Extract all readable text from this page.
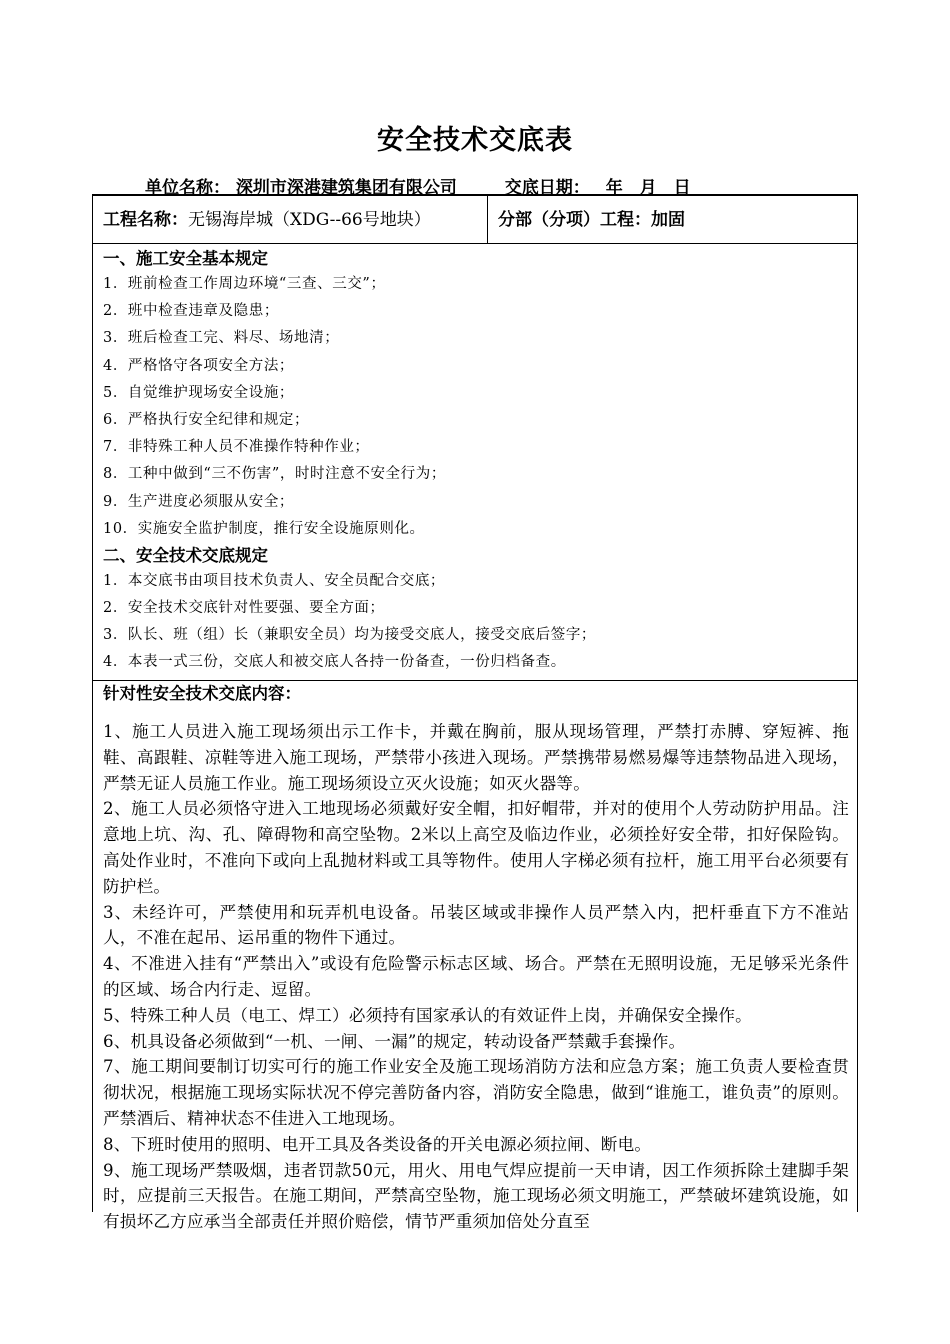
安全技术交底表
单位名称： 深圳市深港建筑集团有限公司	交底日期： 年　月　日
工程名称：无锡海岸城（XDG--66号地块）	分部（分项）工程：加固
一、施工安全基本规定
1．班前检查工作周边环境“三查、三交”；
2．班中检查违章及隐患；
3．班后检查工完、料尽、场地清；
4．严格恪守各项安全方法；
5．自觉维护现场安全设施；
6．严格执行安全纪律和规定；
7．非特殊工种人员不准操作特种作业；
8．工种中做到“三不伤害”，时时注意不安全行为；
9．生产进度必须服从安全；
10．实施安全监护制度，推行安全设施原则化。
二、安全技术交底规定
1．本交底书由项目技术负责人、安全员配合交底；
2．安全技术交底针对性要强、要全方面；
3．队长、班（组）长（兼职安全员）均为接受交底人，接受交底后签字；
4．本表一式三份，交底人和被交底人各持一份备查，一份归档备查。
针对性安全技术交底内容：
1、施工人员进入施工现场须出示工作卡，并戴在胸前，服从现场管理，严禁打赤膊、穿短裤、拖鞋、高跟鞋、凉鞋等进入施工现场，严禁带小孩进入现场。严禁携带易燃易爆等违禁物品进入现场，严禁无证人员施工作业。施工现场须设立灭火设施；如灭火器等。
2、施工人员必须恪守进入工地现场必须戴好安全帽，扣好帽带，并对的使用个人劳动防护用品。注意地上坑、沟、孔、障碍物和高空坠物。2米以上高空及临边作业，必须拴好安全带，扣好保险钩。高处作业时，不准向下或向上乱抛材料或工具等物件。使用人字梯必须有拉杆，施工用平台必须要有防护栏。
3、未经许可，严禁使用和玩弄机电设备。吊装区域或非操作人员严禁入内，把杆垂直下方不准站人，不准在起吊、运吊重的物件下通过。
4、不准进入挂有“严禁出入”或设有危险警示标志区域、场合。严禁在无照明设施，无足够采光条件的区域、场合内行走、逗留。
5、特殊工种人员（电工、焊工）必须持有国家承认的有效证件上岗，并确保安全操作。
6、机具设备必须做到“一机、一闸、一漏”的规定，转动设备严禁戴手套操作。
7、施工期间要制订切实可行的施工作业安全及施工现场消防方法和应急方案；施工负责人要检查贯彻状况，根据施工现场实际状况不停完善防备内容，消防安全隐患，做到“谁施工，谁负责”的原则。严禁酒后、精神状态不佳进入工地现场。
8、下班时使用的照明、电开工具及各类设备的开关电源必须拉闸、断电。
9、施工现场严禁吸烟，违者罚款50元，用火、用电气焊应提前一天申请，因工作须拆除土建脚手架时，应提前三天报告。在施工期间，严禁高空坠物，施工现场必须文明施工，严禁破坏建筑设施，如有损坏乙方应承当全部责任并照价赔偿，情节严重须加倍处分直至
